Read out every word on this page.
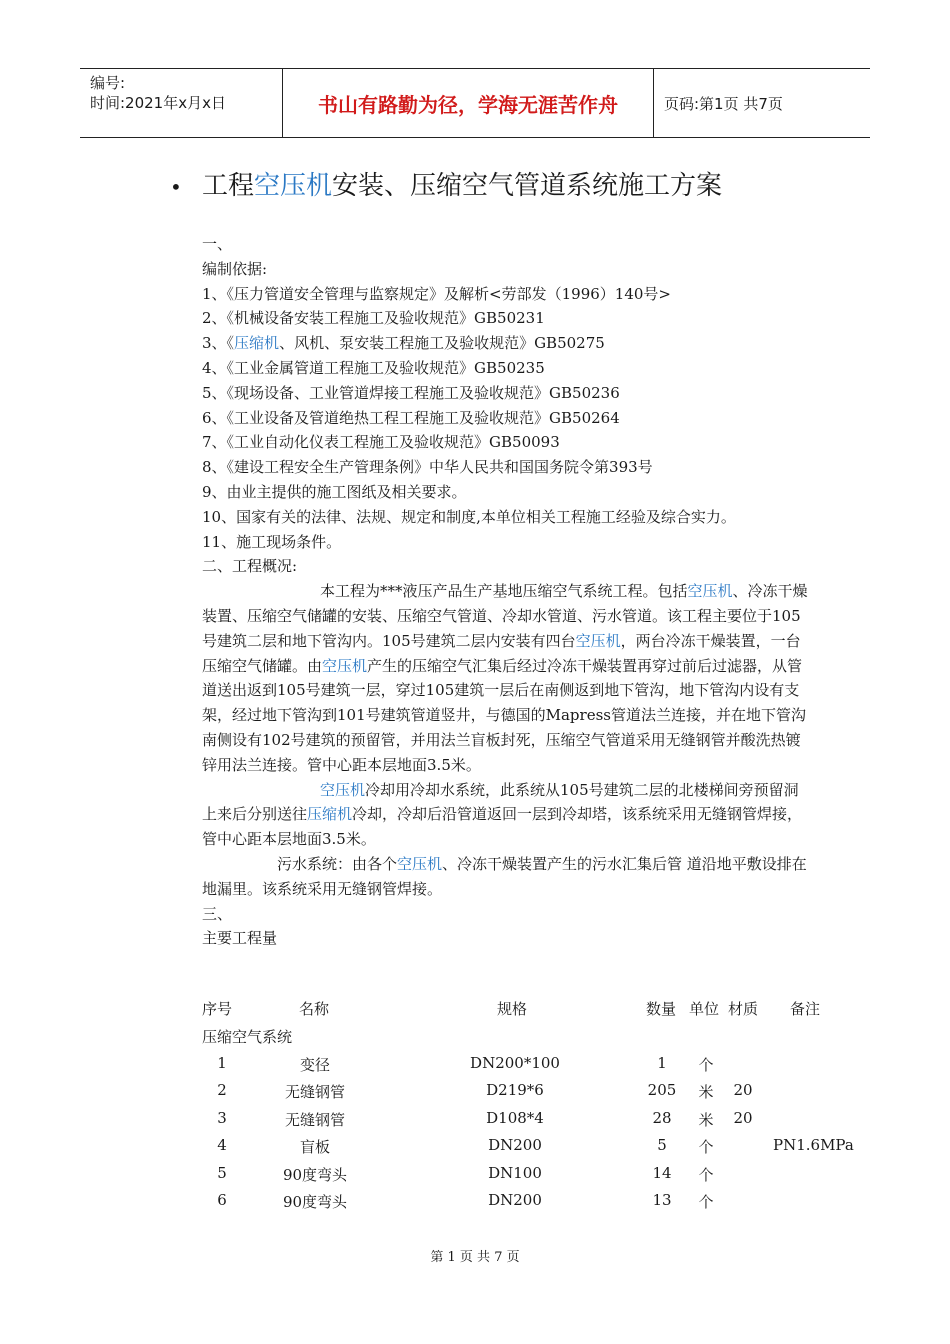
编号:
时间:2021年x月x日	书山有路勤为径，学海无涯苦作舟	页码:第1页 共7页
• 工程空压机安装、压缩空气管道系统施工方案

一、

编制依据:

1、《压力管道安全管理与监察规定》及解析<劳部发（1996）140号>

2、《机械设备安装工程施工及验收规范》GB50231

3、《压缩机、风机、泵安装工程施工及验收规范》GB50275

4、《工业金属管道工程施工及验收规范》GB50235

5、《现场设备、工业管道焊接工程施工及验收规范》GB50236

6、《工业设备及管道绝热工程工程施工及验收规范》GB50264

7、《工业自动化仪表工程施工及验收规范》GB50093

8、《建设工程安全生产管理条例》中华人民共和国国务院令第393号

9、由业主提供的施工图纸及相关要求。

10、国家有关的法律、法规、规定和制度,本单位相关工程施工经验及综合实力。

11、施工现场条件。

二、工程概况:

本工程为***液压产品生产基地压缩空气系统工程。包括空压机、冷冻干燥装置、压缩空气储罐的安装、压缩空气管道、冷却水管道、污水管道。该工程主要位于105号建筑二层和地下管沟内。105号建筑二层内安装有四台空压机，两台冷冻干燥装置，一台压缩空气储罐。由空压机产生的压缩空气汇集后经过冷冻干燥装置再穿过前后过滤器，从管道送出返到105号建筑一层，穿过105建筑一层后在南侧返到地下管沟，地下管沟内设有支架，经过地下管沟到101号建筑管道竖井，与德国的Mapress管道法兰连接，并在地下管沟南侧设有102号建筑的预留管，并用法兰盲板封死，压缩空气管道采用无缝钢管并酸洗热镀锌用法兰连接。管中心距本层地面3.5米。

空压机冷却用冷却水系统，此系统从105号建筑二层的北楼梯间旁预留洞上来后分别送往压缩机冷却，冷却后沿管道返回一层到冷却塔，该系统采用无缝钢管焊接，管中心距本层地面3.5米。

污水系统：由各个空压机、冷冻干燥装置产生的污水汇集后管 道沿地平敷设排在地漏里。该系统采用无缝钢管焊接。

三、

主要工程量

序号	名称	规格	数量 单位 材质 备注
压缩空气系统
1	变径	DN200*100	1 个
2	无缝钢管	D219*6	205 米 20
3	无缝钢管	D108*4	28 米 20
4	盲板	DN200	5 个	PN1.6MPa
5	90度弯头	DN100	14 个
6	90度弯头	DN200	13 个
第 1 页 共 7 页
